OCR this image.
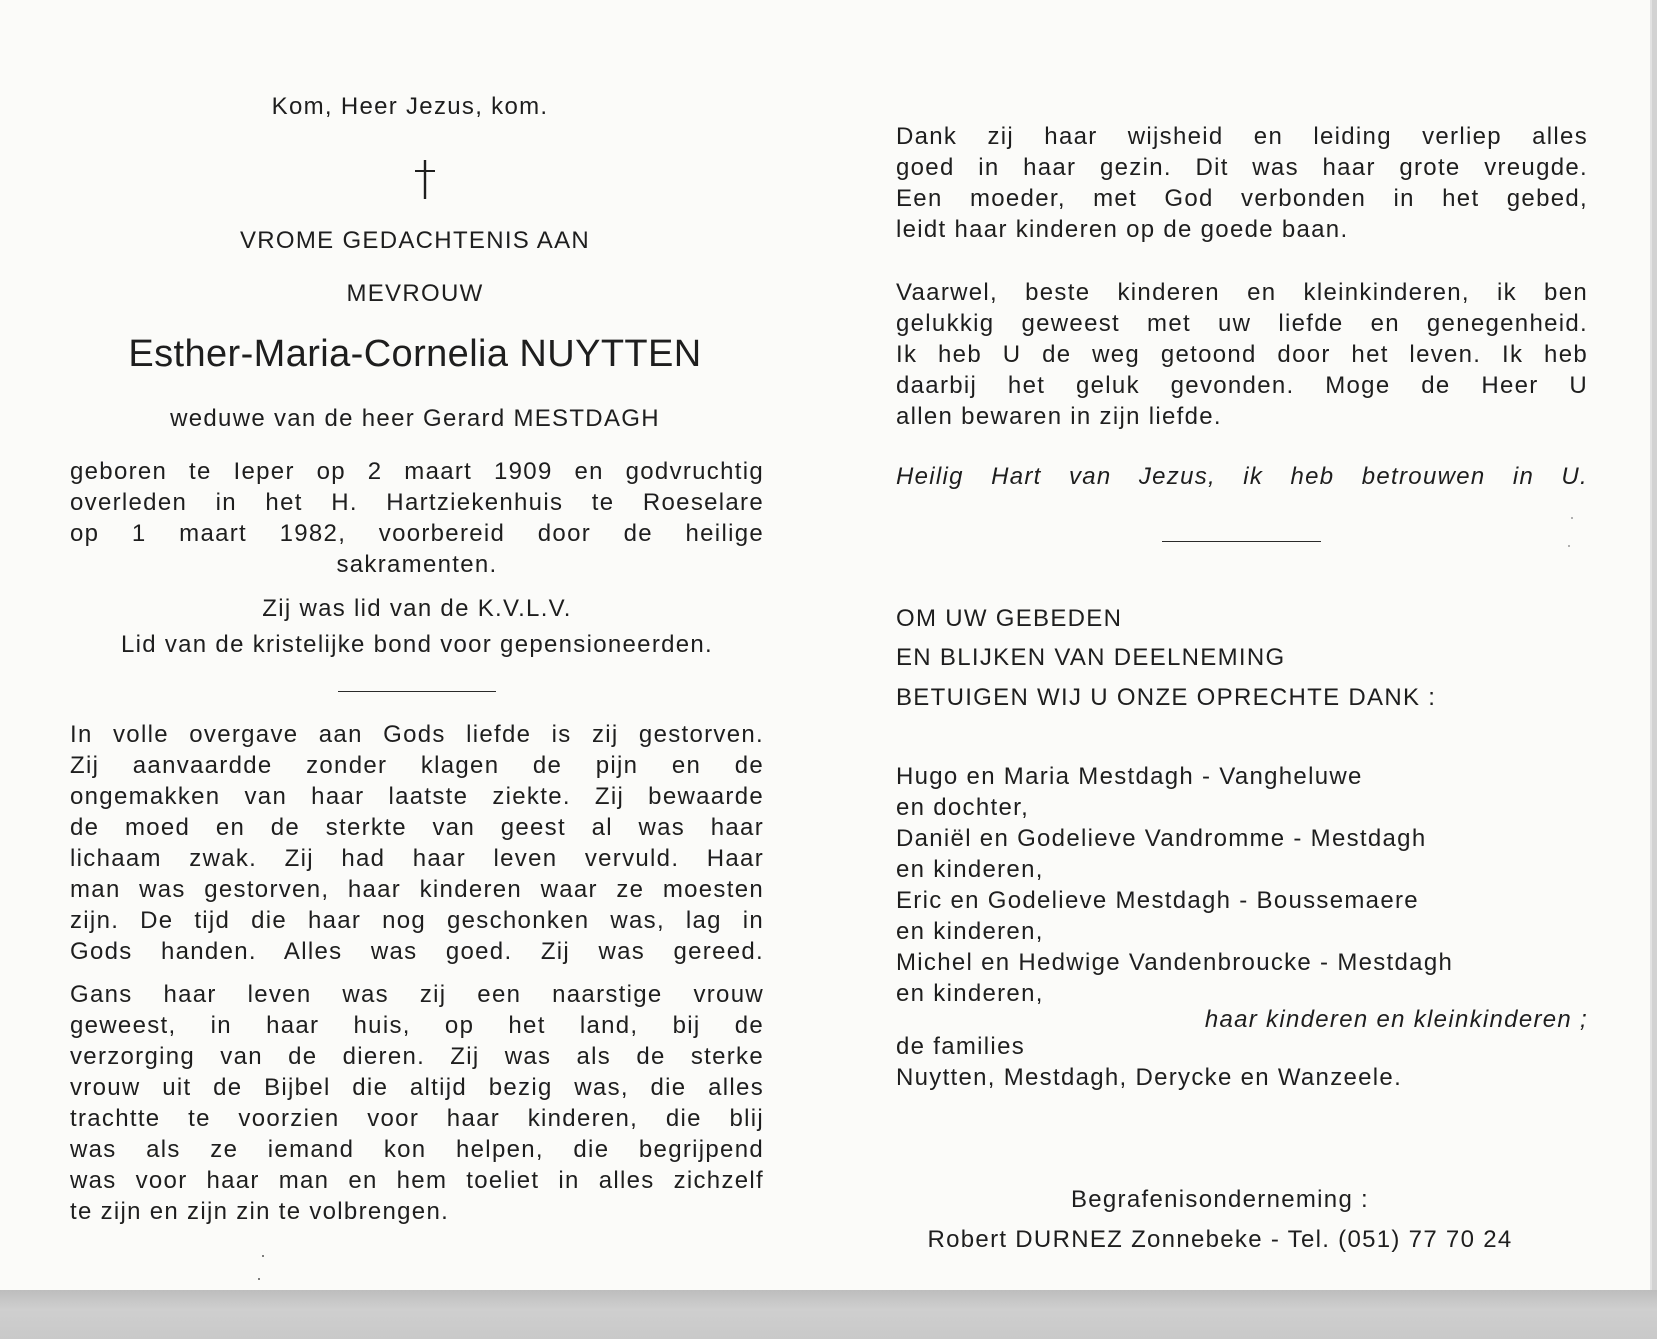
Kom, Heer Jezus, kom.
VROME GEDACHTENIS AAN
MEVROUW
Esther-Maria-Cornelia NUYTTEN
weduwe van de heer Gerard MESTDAGH
geboren te Ieper op 2 maart 1909 en godvruchtig
overleden in het H. Hartziekenhuis te Roeselare
op 1 maart 1982, voorbereid door de heilige
sakramenten.
Zij was lid van de K.V.L.V.
Lid van de kristelijke bond voor gepensioneerden.
In volle overgave aan Gods liefde is zij gestorven.
Zij aanvaardde zonder klagen de pijn en de
ongemakken van haar laatste ziekte. Zij bewaarde
de moed en de sterkte van geest al was haar
lichaam zwak. Zij had haar leven vervuld. Haar
man was gestorven, haar kinderen waar ze moesten
zijn. De tijd die haar nog geschonken was, lag in
Gods handen. Alles was goed. Zij was gereed.
Gans haar leven was zij een naarstige vrouw
geweest, in haar huis, op het land, bij de
verzorging van de dieren. Zij was als de sterke
vrouw uit de Bijbel die altijd bezig was, die alles
trachtte te voorzien voor haar kinderen, die blij
was als ze iemand kon helpen, die begrijpend
was voor haar man en hem toeliet in alles zichzelf
te zijn en zijn zin te volbrengen.
Dank zij haar wijsheid en leiding verliep alles
goed in haar gezin. Dit was haar grote vreugde.
Een moeder, met God verbonden in het gebed,
leidt haar kinderen op de goede baan.
Vaarwel, beste kinderen en kleinkinderen, ik ben
gelukkig geweest met uw liefde en genegenheid.
Ik heb U de weg getoond door het leven. Ik heb
daarbij het geluk gevonden. Moge de Heer U
allen bewaren in zijn liefde.
Heilig Hart van Jezus, ik heb betrouwen in U.
OM UW GEBEDEN
EN BLIJKEN VAN DEELNEMING
BETUIGEN WIJ U ONZE OPRECHTE DANK :
Hugo en Maria Mestdagh - Vangheluwe
en dochter,
Daniël en Godelieve Vandromme - Mestdagh
en kinderen,
Eric en Godelieve Mestdagh - Boussemaere
en kinderen,
Michel en Hedwige Vandenbroucke - Mestdagh
en kinderen,
haar kinderen en kleinkinderen ;
de families
Nuytten, Mestdagh, Derycke en Wanzeele.
Begrafenisonderneming :
Robert DURNEZ Zonnebeke - Tel. (051) 77 70 24
